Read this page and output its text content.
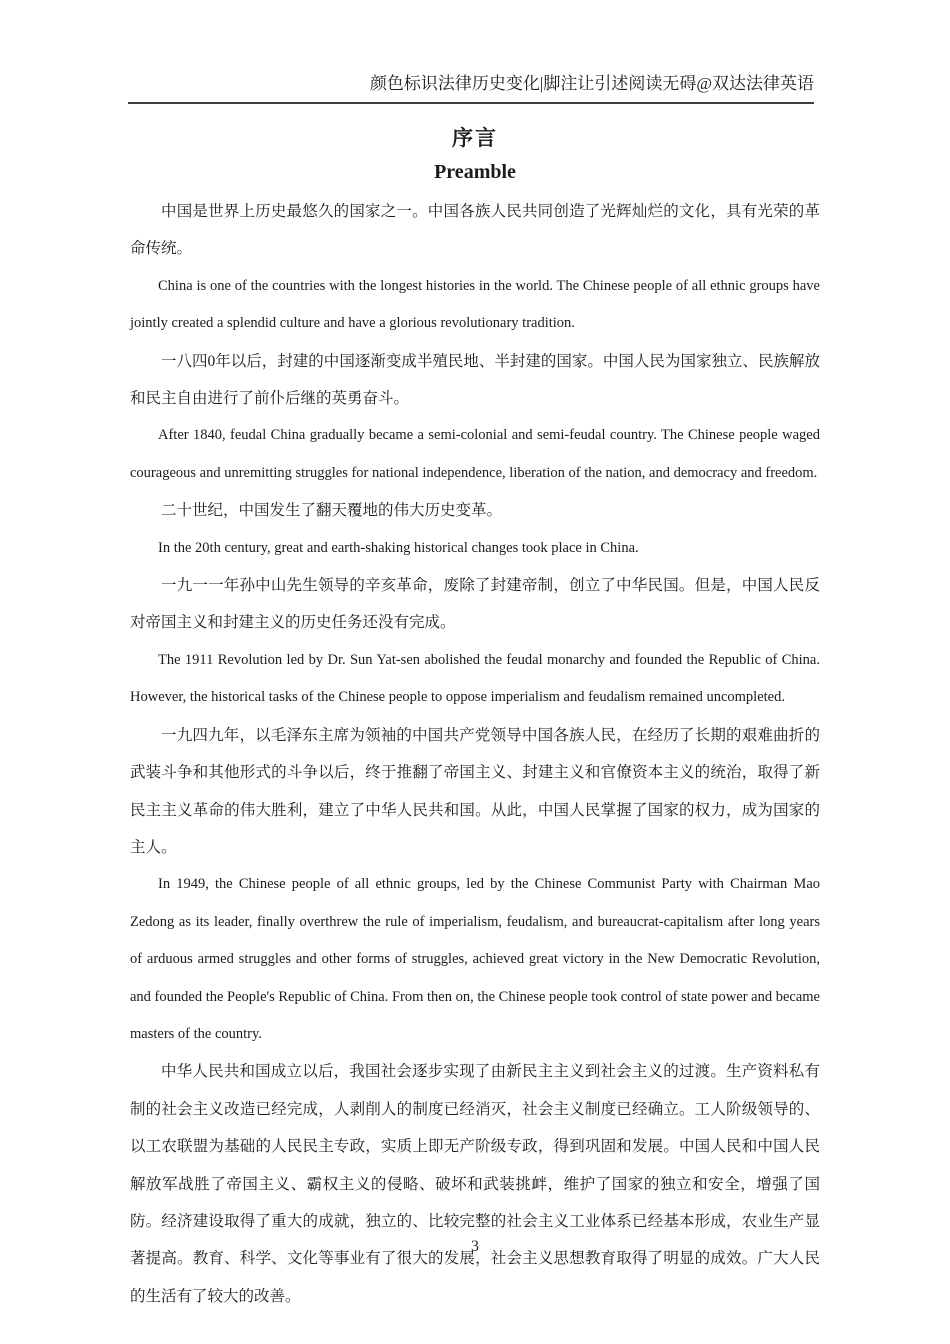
颜色标识法律历史变化|脚注让引述阅读无碍@双达法律英语
序言
Preamble

中国是世界上历史最悠久的国家之一。中国各族人民共同创造了光辉灿烂的文化，具有光荣的革命传统。

China is one of the countries with the longest histories in the world. The Chinese people of all ethnic groups have jointly created a splendid culture and have a glorious revolutionary tradition.

一八四0年以后，封建的中国逐渐变成半殖民地、半封建的国家。中国人民为国家独立、民族解放和民主自由进行了前仆后继的英勇奋斗。

After 1840, feudal China gradually became a semi-colonial and semi-feudal country. The Chinese people waged courageous and unremitting struggles for national independence, liberation of the nation, and democracy and freedom.

二十世纪，中国发生了翻天覆地的伟大历史变革。

In the 20th century, great and earth-shaking historical changes took place in China.

一九一一年孙中山先生领导的辛亥革命，废除了封建帝制，创立了中华民国。但是，中国人民反对帝国主义和封建主义的历史任务还没有完成。

The 1911 Revolution led by Dr. Sun Yat-sen abolished the feudal monarchy and founded the Republic of China. However, the historical tasks of the Chinese people to oppose imperialism and feudalism remained uncompleted.

一九四九年，以毛泽东主席为领袖的中国共产党领导中国各族人民，在经历了长期的艰难曲折的武装斗争和其他形式的斗争以后，终于推翻了帝国主义、封建主义和官僚资本主义的统治，取得了新民主主义革命的伟大胜利，建立了中华人民共和国。从此，中国人民掌握了国家的权力，成为国家的主人。

In 1949, the Chinese people of all ethnic groups, led by the Chinese Communist Party with Chairman Mao Zedong as its leader, finally overthrew the rule of imperialism, feudalism, and bureaucrat-capitalism after long years of arduous armed struggles and other forms of struggles, achieved great victory in the New Democratic Revolution, and founded the People's Republic of China. From then on, the Chinese people took control of state power and became masters of the country.

中华人民共和国成立以后，我国社会逐步实现了由新民主主义到社会主义的过渡。生产资料私有制的社会主义改造已经完成，人剥削人的制度已经消灭，社会主义制度已经确立。工人阶级领导的、以工农联盟为基础的人民民主专政，实质上即无产阶级专政，得到巩固和发展。中国人民和中国人民解放军战胜了帝国主义、霸权主义的侵略、破坏和武装挑衅，维护了国家的独立和安全，增强了国防。经济建设取得了重大的成就，独立的、比较完整的社会主义工业体系已经基本形成，农业生产显著提高。教育、科学、文化等事业有了很大的发展，社会主义思想教育取得了明显的成效。广大人民的生活有了较大的改善。

3
